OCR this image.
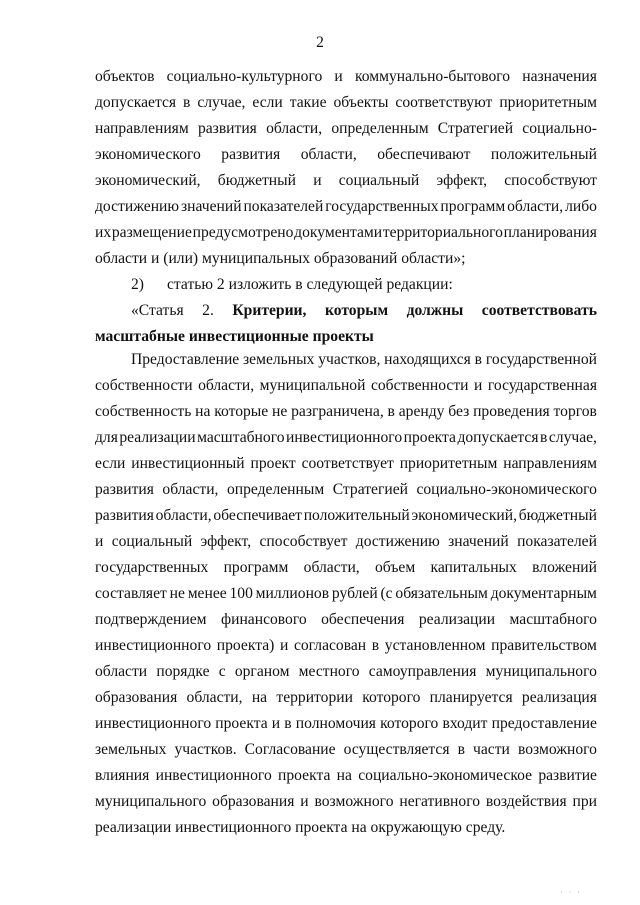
2
объектов социально-культурного и коммунально-бытового назначения
допускается в случае, если такие объекты соответствуют приоритетным
направлениям развития области, определенным Стратегией социально-
экономического развития области, обеспечивают положительный
экономический, бюджетный и социальный эффект, способствуют
достижению значений показателей государственных программ области, либо
их размещение предусмотрено документами территориального планирования
области и (или) муниципальных образований области»;
2)	статью 2 изложить в следующей редакции:
«Статья 2. Критерии, которым должны соответствовать
масштабные инвестиционные проекты
Предоставление земельных участков, находящихся в государственной
собственности области, муниципальной собственности и государственная
собственность на которые не разграничена, в аренду без проведения торгов
для реализации масштабного инвестиционного проекта допускается в случае,
если инвестиционный проект соответствует приоритетным направлениям
развития области, определенным Стратегией социально-экономического
развития области, обеспечивает положительный экономический, бюджетный
и социальный эффект, способствует достижению значений показателей
государственных программ области, объем капитальных вложений
составляет не менее 100 миллионов рублей (с обязательным документарным
подтверждением финансового обеспечения реализации масштабного
инвестиционного проекта) и согласован в установленном правительством
области порядке с органом местного самоуправления муниципального
образования области, на территории которого планируется реализация
инвестиционного проекта и в полномочия которого входит предоставление
земельных участков. Согласование осуществляется в части возможного
влияния инвестиционного проекта на социально-экономическое развитие
муниципального образования и возможного негативного воздействия при
реализации инвестиционного проекта на окружающую среду.
· · ·
